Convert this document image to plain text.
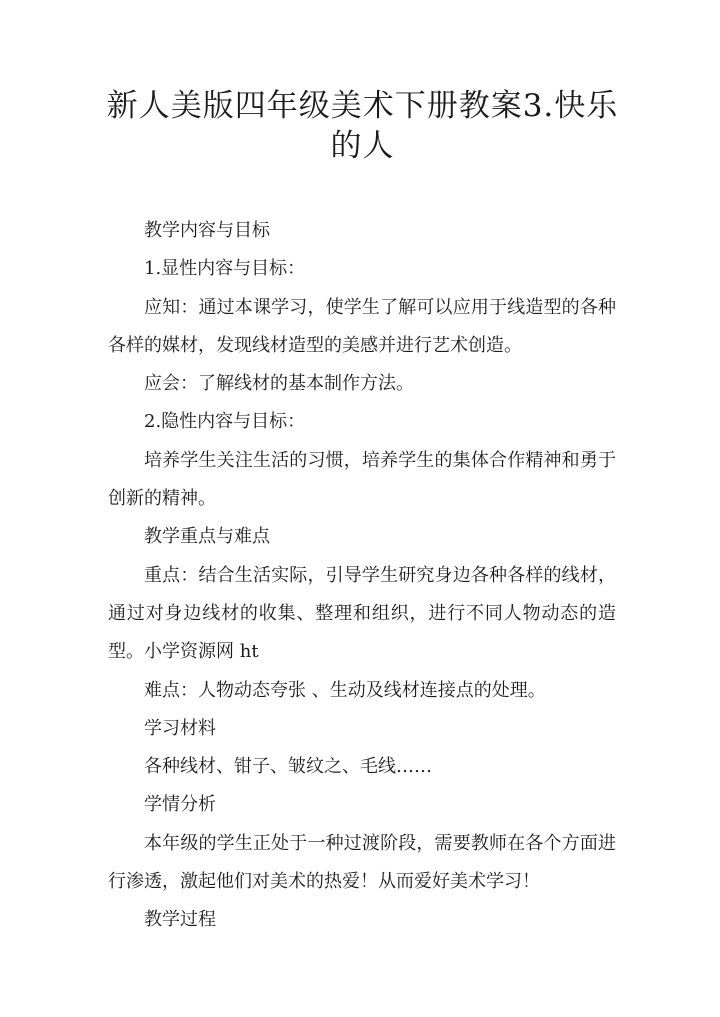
新人美版四年级美术下册教案3.快乐的人

教学内容与目标

1.显性内容与目标：

应知：通过本课学习，使学生了解可以应用于线造型的各种各样的媒材，发现线材造型的美感并进行艺术创造。

应会：了解线材的基本制作方法。

2.隐性内容与目标：

培养学生关注生活的习惯，培养学生的集体合作精神和勇于创新的精神。

教学重点与难点

重点：结合生活实际，引导学生研究身边各种各样的线材，通过对身边线材的收集、整理和组织，进行不同人物动态的造型。小学资源网 ht

难点：人物动态夸张 、生动及线材连接点的处理。

学习材料

各种线材、钳子、皱纹之、毛线……

学情分析

本年级的学生正处于一种过渡阶段，需要教师在各个方面进行渗透，激起他们对美术的热爱！从而爱好美术学习！

教学过程
